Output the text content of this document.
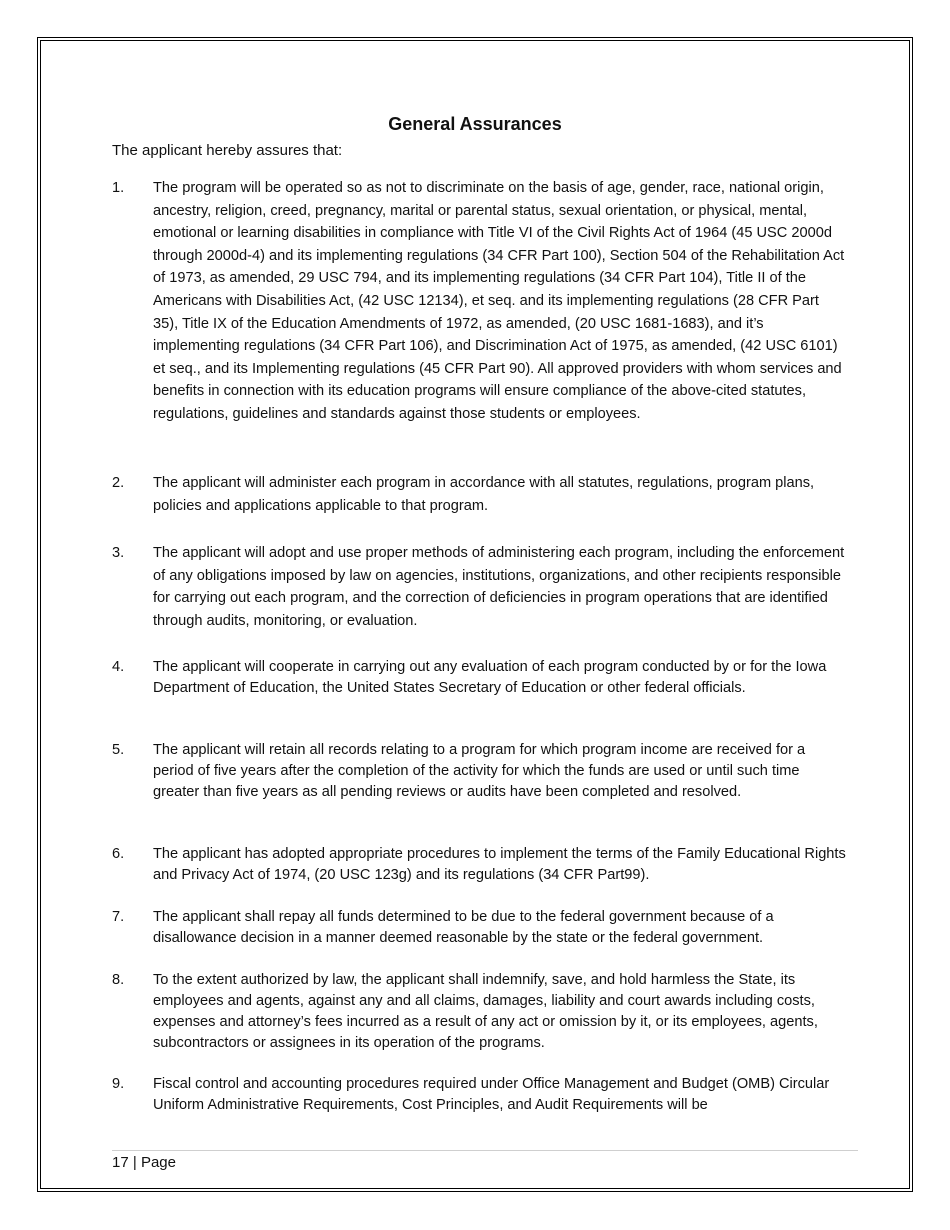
General Assurances

The applicant hereby assures that:

1. The program will be operated so as not to discriminate on the basis of age, gender, race, national origin, ancestry, religion, creed, pregnancy, marital or parental status, sexual orientation, or physical, mental, emotional or learning disabilities in compliance with Title VI of the Civil Rights Act of 1964 (45 USC 2000d through 2000d-4) and its implementing regulations (34 CFR Part 100), Section 504 of the Rehabilitation Act of 1973, as amended, 29 USC 794, and its implementing regulations (34 CFR Part 104), Title II of the Americans with Disabilities Act, (42 USC 12134), et seq. and its implementing regulations (28 CFR Part 35), Title IX of the Education Amendments of 1972, as amended, (20 USC 1681-1683), and it’s implementing regulations (34 CFR Part 106), and Discrimination Act of 1975, as amended, (42 USC 6101) et seq., and its Implementing regulations (45 CFR Part 90). All approved providers with whom services and benefits in connection with its education programs will ensure compliance of the above-cited statutes, regulations, guidelines and standards against those students or employees.
2. The applicant will administer each program in accordance with all statutes, regulations, program plans, policies and applications applicable to that program.
3. The applicant will adopt and use proper methods of administering each program, including the enforcement of any obligations imposed by law on agencies, institutions, organizations, and other recipients responsible for carrying out each program, and the correction of deficiencies in program operations that are identified through audits, monitoring, or evaluation.
4. The applicant will cooperate in carrying out any evaluation of each program conducted by or for the Iowa Department of Education, the United States Secretary of Education or other federal officials.
5. The applicant will retain all records relating to a program for which program income are received for a period of five years after the completion of the activity for which the funds are used or until such time greater than five years as all pending reviews or audits have been completed and resolved.
6. The applicant has adopted appropriate procedures to implement the terms of the Family Educational Rights and Privacy Act of 1974, (20 USC 123g) and its regulations (34 CFR Part99).
7. The applicant shall repay all funds determined to be due to the federal government because of a disallowance decision in a manner deemed reasonable by the state or the federal government.
8. To the extent authorized by law, the applicant shall indemnify, save, and hold harmless the State, its employees and agents, against any and all claims, damages, liability and court awards including costs, expenses and attorney’s fees incurred as a result of any act or omission by it, or its employees, agents, subcontractors or assignees in its operation of the programs.
9. Fiscal control and accounting procedures required under Office Management and Budget (OMB) Circular Uniform Administrative Requirements, Cost Principles, and Audit Requirements will be
17 | Page
